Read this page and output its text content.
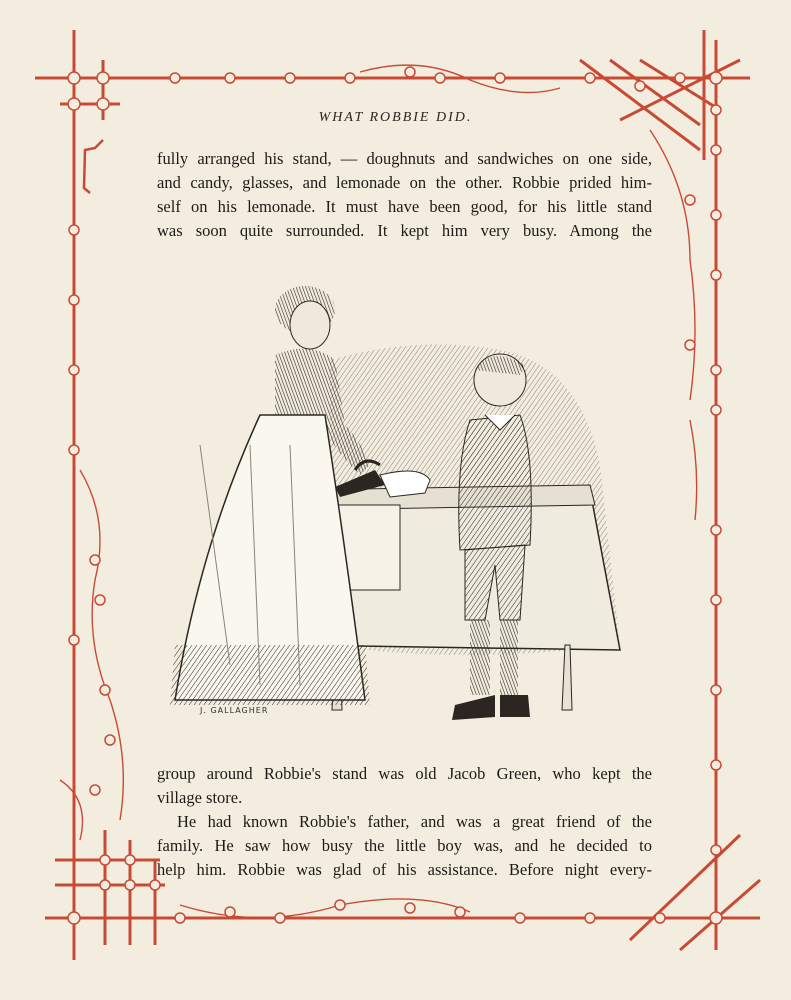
WHAT ROBBIE DID.
fully arranged his stand, — doughnuts and sandwiches on one side,
and candy, glasses, and lemonade on the other. Robbie prided him-
self on his lemonade. It must have been good, for his little stand
was soon quite surrounded. It kept him very busy. Among the
J. GALLAGHER

group around Robbie's stand was old Jacob Green, who kept the
village store.

He had known Robbie's father, and was a great friend of the
family. He saw how busy the little boy was, and he decided to
help him. Robbie was glad of his assistance. Before night every-
